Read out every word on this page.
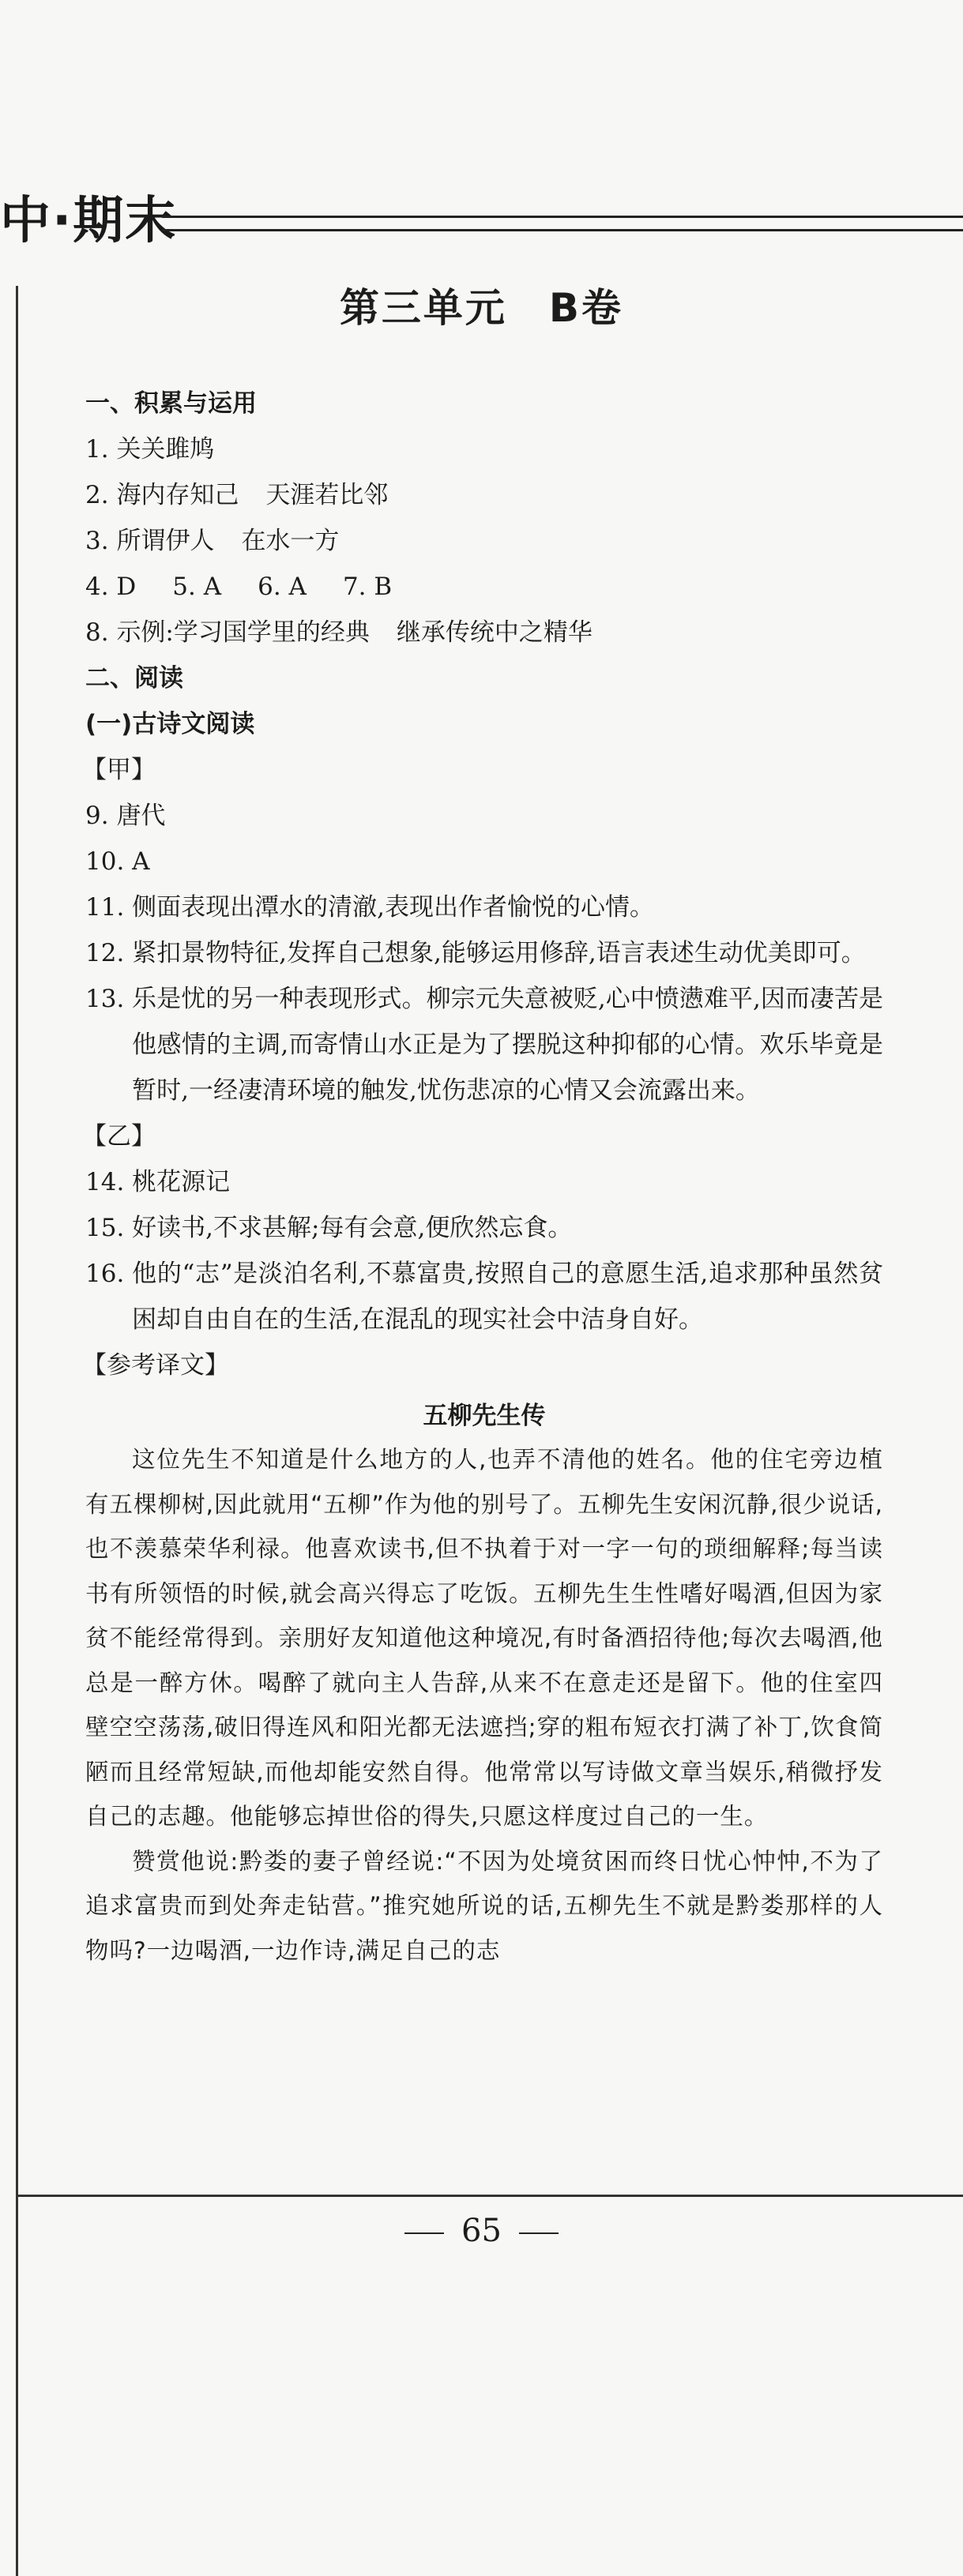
中·期末
第三单元　B卷

一、积累与运用

1. 关关雎鸠

2. 海内存知己 天涯若比邻

3. 所谓伊人 在水一方

4. D 5. A 6. A 7. B

8. 示例:学习国学里的经典 继承传统中之精华

二、阅读

(一)古诗文阅读

【甲】

9. 唐代

10. A

11. 侧面表现出潭水的清澈,表现出作者愉悦的心情。

12.
紧扣景物特征,发挥自己想象,能够运用修辞,语言表述生动优美即可。
13.
乐是忧的另一种表现形式。柳宗元失意被贬,心中愤懑难平,因而凄苦是他感情的主调,而寄情山水正是为了摆脱这种抑郁的心情。欢乐毕竟是暂时,一经凄清环境的触发,忧伤悲凉的心情又会流露出来。

【乙】

14. 桃花源记

15. 好读书,不求甚解;每有会意,便欣然忘食。

16.
他的“志”是淡泊名利,不慕富贵,按照自己的意愿生活,追求那种虽然贫困却自由自在的生活,在混乱的现实社会中洁身自好。

【参考译文】

五柳先生传

这位先生不知道是什么地方的人,也弄不清他的姓名。他的住宅旁边植有五棵柳树,因此就用“五柳”作为他的别号了。五柳先生安闲沉静,很少说话,也不羡慕荣华利禄。他喜欢读书,但不执着于对一字一句的琐细解释;每当读书有所领悟的时候,就会高兴得忘了吃饭。五柳先生生性嗜好喝酒,但因为家贫不能经常得到。亲朋好友知道他这种境况,有时备酒招待他;每次去喝酒,他总是一醉方休。喝醉了就向主人告辞,从来不在意走还是留下。他的住室四壁空空荡荡,破旧得连风和阳光都无法遮挡;穿的粗布短衣打满了补丁,饮食简陋而且经常短缺,而他却能安然自得。他常常以写诗做文章当娱乐,稍微抒发自己的志趣。他能够忘掉世俗的得失,只愿这样度过自己的一生。

赞赏他说:黔娄的妻子曾经说:“不因为处境贫困而终日忧心忡忡,不为了追求富贵而到处奔走钻营。”推究她所说的话,五柳先生不就是黔娄那样的人物吗?一边喝酒,一边作诗,满足自己的志

65
